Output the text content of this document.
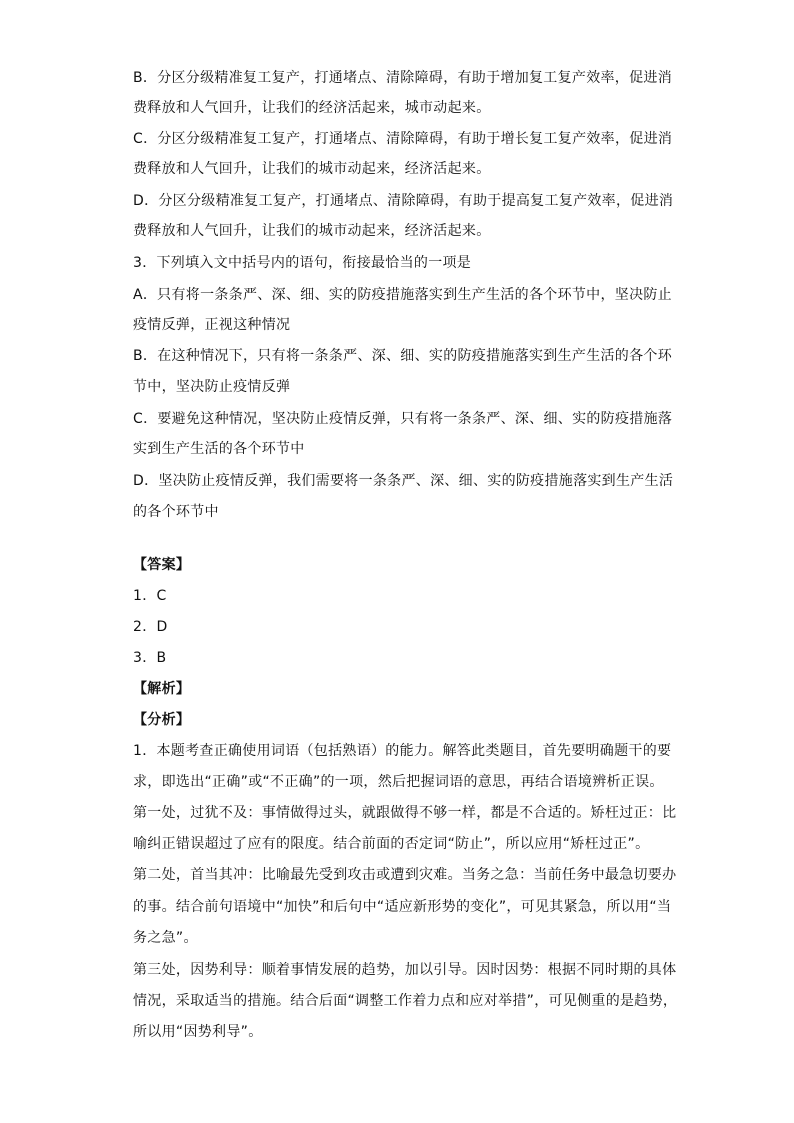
B．分区分级精准复工复产，打通堵点、清除障碍，有助于增加复工复产效率，促进消
费释放和人气回升，让我们的经济活起来，城市动起来。
C．分区分级精准复工复产，打通堵点、清除障碍，有助于增长复工复产效率，促进消
费释放和人气回升，让我们的城市动起来，经济活起来。
D．分区分级精准复工复产，打通堵点、清除障碍，有助于提高复工复产效率，促进消
费释放和人气回升，让我们的城市动起来，经济活起来。
3．下列填入文中括号内的语句，衔接最恰当的一项是
A．只有将一条条严、深、细、实的防疫措施落实到生产生活的各个环节中，坚决防止
疫情反弹，正视这种情况
B．在这种情况下，只有将一条条严、深、细、实的防疫措施落实到生产生活的各个环
节中，坚决防止疫情反弹
C．要避免这种情况，坚决防止疫情反弹，只有将一条条严、深、细、实的防疫措施落
实到生产生活的各个环节中
D．坚决防止疫情反弹，我们需要将一条条严、深、细、实的防疫措施落实到生产生活
的各个环节中
【答案】
1．C
2．D
3．B
【解析】
【分析】
1．本题考查正确使用词语（包括熟语）的能力。解答此类题目，首先要明确题干的要
求，即选出“正确”或“不正确”的一项，然后把握词语的意思，再结合语境辨析正误。
第一处，过犹不及：事情做得过头，就跟做得不够一样，都是不合适的。矫枉过正：比
喻纠正错误超过了应有的限度。结合前面的否定词“防止”，所以应用“矫枉过正”。
第二处，首当其冲：比喻最先受到攻击或遭到灾难。当务之急：当前任务中最急切要办
的事。结合前句语境中“加快”和后句中“适应新形势的变化”，可见其紧急，所以用“当
务之急”。
第三处，因势利导：顺着事情发展的趋势，加以引导。因时因势：根据不同时期的具体
情况，采取适当的措施。结合后面“调整工作着力点和应对举措”，可见侧重的是趋势，
所以用“因势利导”。
